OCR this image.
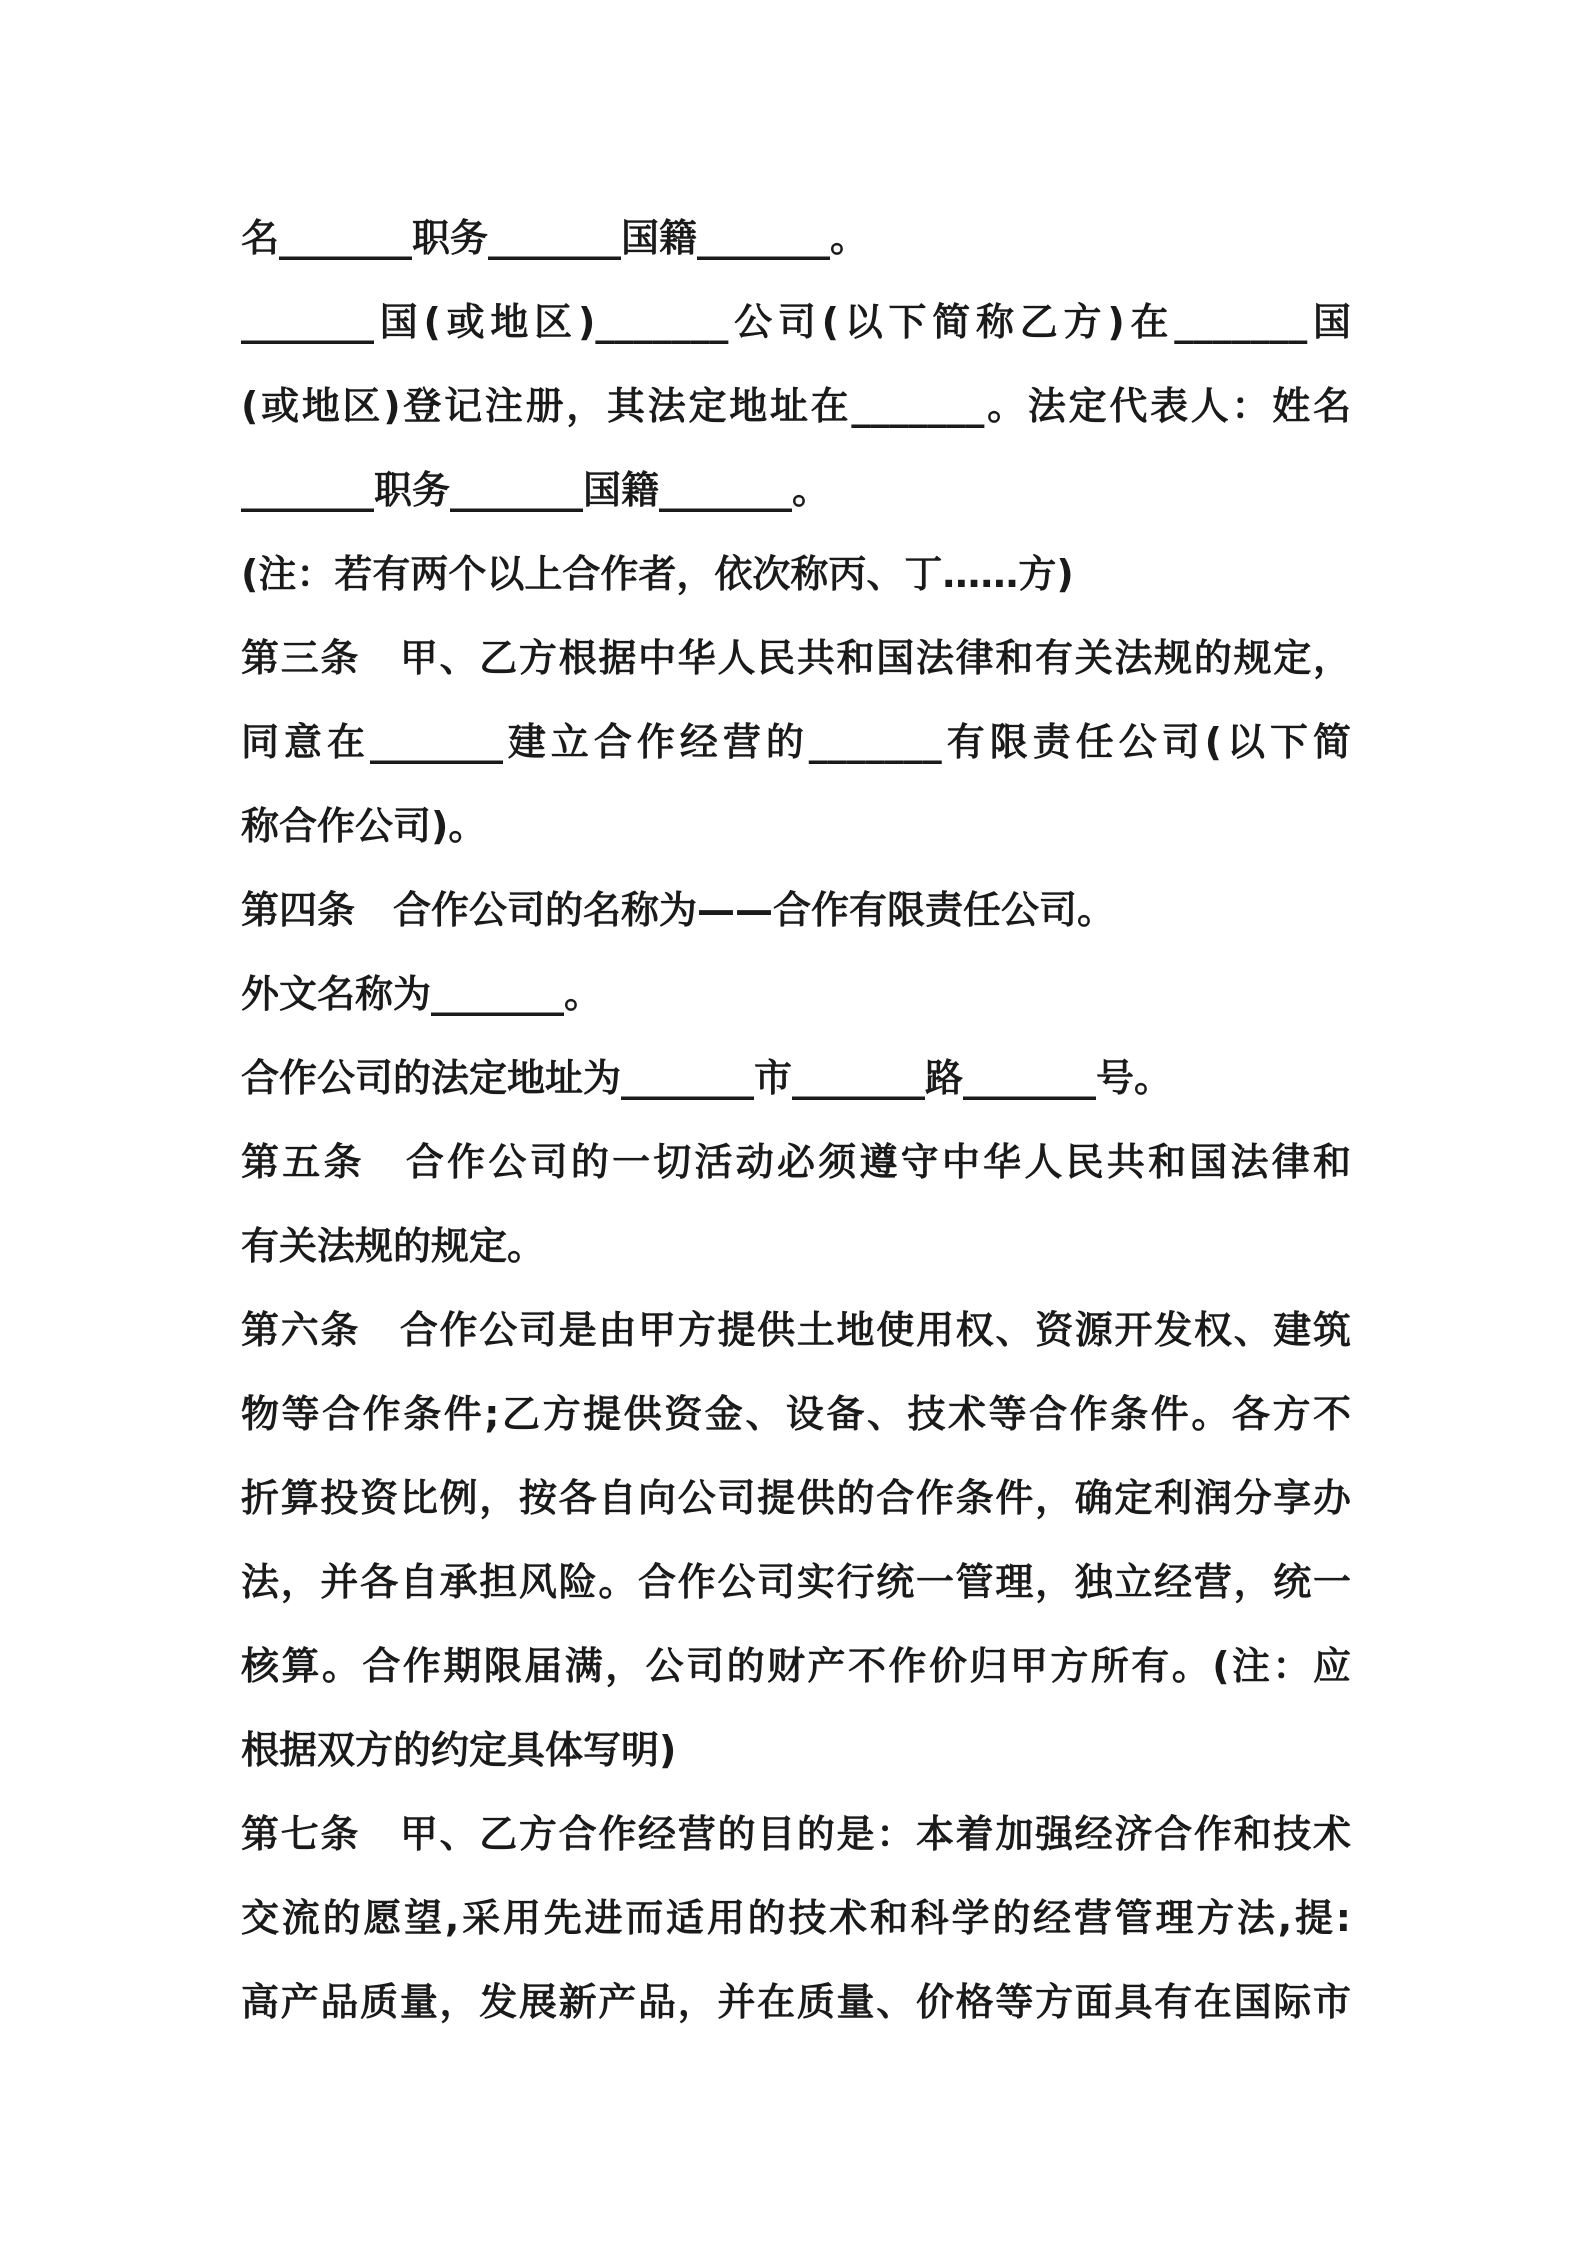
名_______职务_______国籍_______。
_______国(或地区)_______公司(以下简称乙方)在_______国
(或地区)登记注册，其法定地址在_______。法定代表人：姓名
_______职务_______国籍_______。
(注：若有两个以上合作者，依次称丙、丁……方)
第三条　甲、乙方根据中华人民共和国法律和有关法规的规定，
同意在_______建立合作经营的_______有限责任公司(以下简
称合作公司)。
第四条　合作公司的名称为——合作有限责任公司。
外文名称为_______。
合作公司的法定地址为_______市_______路_______号。
第五条　合作公司的一切活动必须遵守中华人民共和国法律和
有关法规的规定。
第六条　合作公司是由甲方提供土地使用权、资源开发权、建筑
物等合作条件;乙方提供资金、设备、技术等合作条件。各方不
折算投资比例，按各自向公司提供的合作条件，确定利润分享办
法，并各自承担风险。合作公司实行统一管理，独立经营，统一
核算。合作期限届满，公司的财产不作价归甲方所有。(注：应
根据双方的约定具体写明)
第七条　甲、乙方合作经营的目的是：本着加强经济合作和技术
交流的愿望,采用先进而适用的技术和科学的经营管理方法,提:
高产品质量，发展新产品，并在质量、价格等方面具有在国际市
